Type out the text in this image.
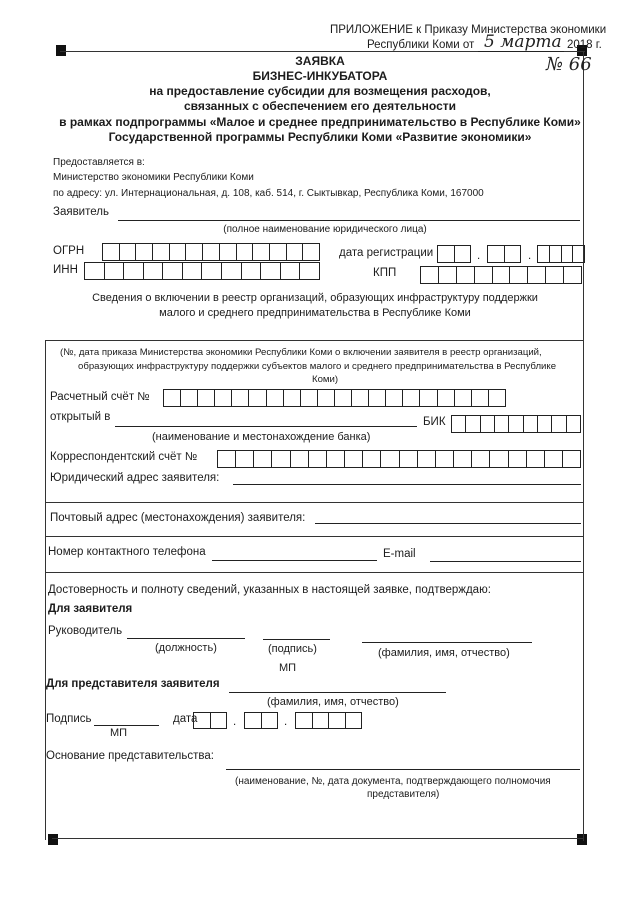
ПРИЛОЖЕНИЕ к Приказу Министерства экономики
Республики Коми от 5 марта 2018 г.
№ 66
ЗАЯВКА
БИЗНЕС-ИНКУБАТОРА
на предоставление субсидии для возмещения расходов,
связанных с обеспечением его деятельности
в рамках подпрограммы «Малое и среднее предпринимательство в Республике Коми»
Государственной программы Республики Коми «Развитие экономики»
Предоставляется в:
Министерство экономики Республики Коми
по адресу: ул. Интернациональная, д. 108, каб. 514, г. Сыктывкар, Республика Коми, 167000
Заявитель
(полное наименование юридического лица)
ОГРН	дата регистрации	.	.
ИНН	КПП
Сведения о включении в реестр организаций, образующих инфраструктуру поддержки
малого и среднего предпринимательства в Республике Коми
(№, дата приказа Министерства экономики Республики Коми о включении заявителя в реестр организаций,
образующих инфраструктуру поддержки субъектов малого и среднего предпринимательства в Республике
Коми)
Расчетный счёт №
открытый в	БИК
(наименование и местонахождение банка)
Корреспондентский счёт №
Юридический адрес заявителя:
Почтовый адрес (местонахождения) заявителя:
Номер контактного телефона	E-mail
Достоверность и полноту сведений, указанных в настоящей заявке, подтверждаю:
Для заявителя
Руководитель
(должность)	(подпись)	(фамилия, имя, отчество)
МП
Для представителя заявителя
(фамилия, имя, отчество)
Подпись
МП
дата	.	.
Основание представительства:
(наименование, №, дата документа, подтверждающего полномочия
представителя)
